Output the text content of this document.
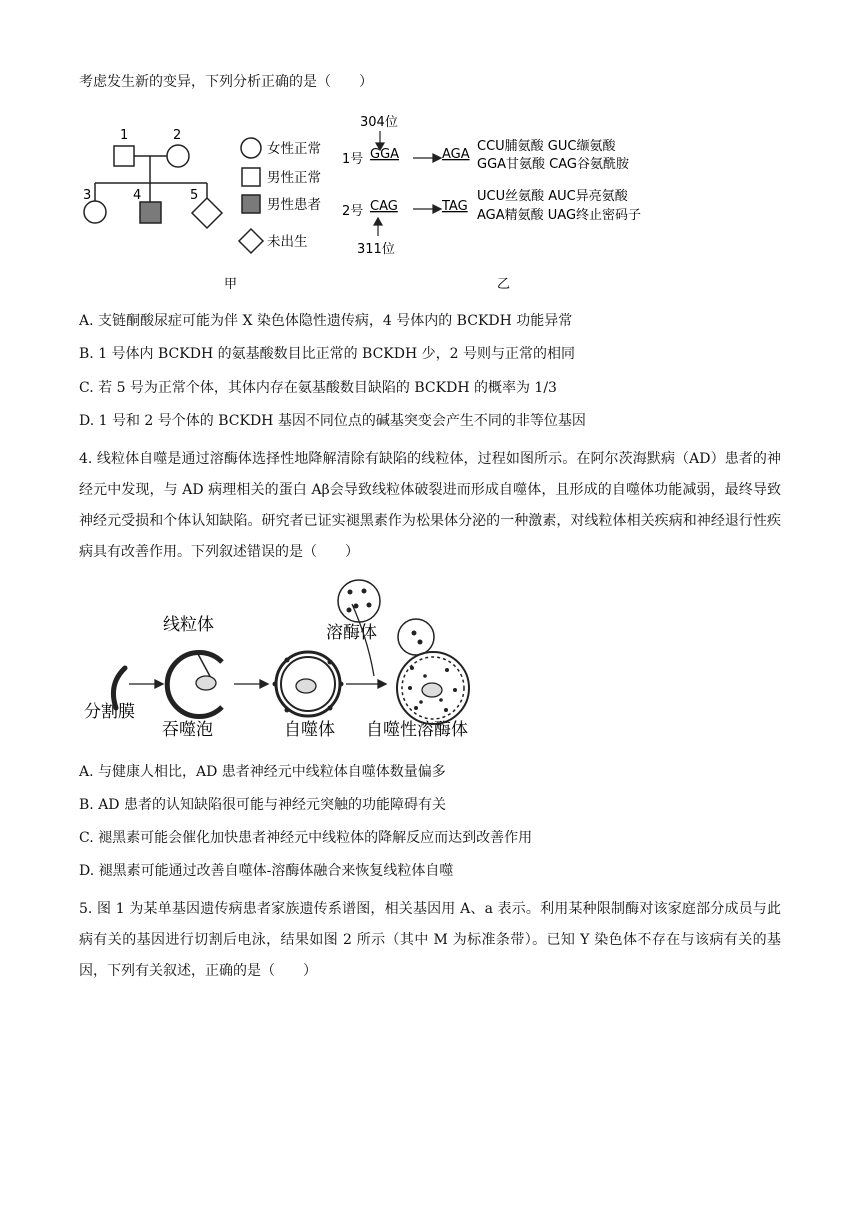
考虑发生新的变异，下列分析正确的是（　　）
1	2
3	4	5
女性正常
男性正常
男性患者
未出生
甲
304位
1号 GGA	AGA
CCU脯氨酸 GUC缬氨酸
GGA甘氨酸 CAG谷氨酰胺
2号 CAG	TAG
UCU丝氨酸 AUC异亮氨酸
AGA精氨酸 UAG终止密码子
311位
乙
A. 支链酮酸尿症可能为伴 X 染色体隐性遗传病，4 号体内的 BCKDH 功能异常
B. 1 号体内 BCKDH 的氨基酸数目比正常的 BCKDH 少，2 号则与正常的相同
C. 若 5 号为正常个体，其体内存在氨基酸数目缺陷的 BCKDH 的概率为 1/3
D. 1 号和 2 号个体的 BCKDH 基因不同位点的碱基突变会产生不同的非等位基因
4. 线粒体自噬是通过溶酶体选择性地降解清除有缺陷的线粒体，过程如图所示。在阿尔茨海默病（AD）患者的神经元中发现，与 AD 病理相关的蛋白 Aβ会导致线粒体破裂进而形成自噬体，且形成的自噬体功能减弱，最终导致神经元受损和个体认知缺陷。研究者已证实褪黑素作为松果体分泌的一种激素，对线粒体相关疾病和神经退行性疾病具有改善作用。下列叙述错误的是（　　）
分割膜
线粒体
吞噬泡	自噬体
溶酶体
自噬性溶酶体
A. 与健康人相比，AD 患者神经元中线粒体自噬体数量偏多
B. AD 患者的认知缺陷很可能与神经元突触的功能障碍有关
C. 褪黑素可能会催化加快患者神经元中线粒体的降解反应而达到改善作用
D. 褪黑素可能通过改善自噬体-溶酶体融合来恢复线粒体自噬
5. 图 1 为某单基因遗传病患者家族遗传系谱图，相关基因用 A、a 表示。利用某种限制酶对该家庭部分成员与此病有关的基因进行切割后电泳，结果如图 2 所示（其中 M 为标准条带）。已知 Y 染色体不存在与该病有关的基因，下列有关叙述，正确的是（　　）
